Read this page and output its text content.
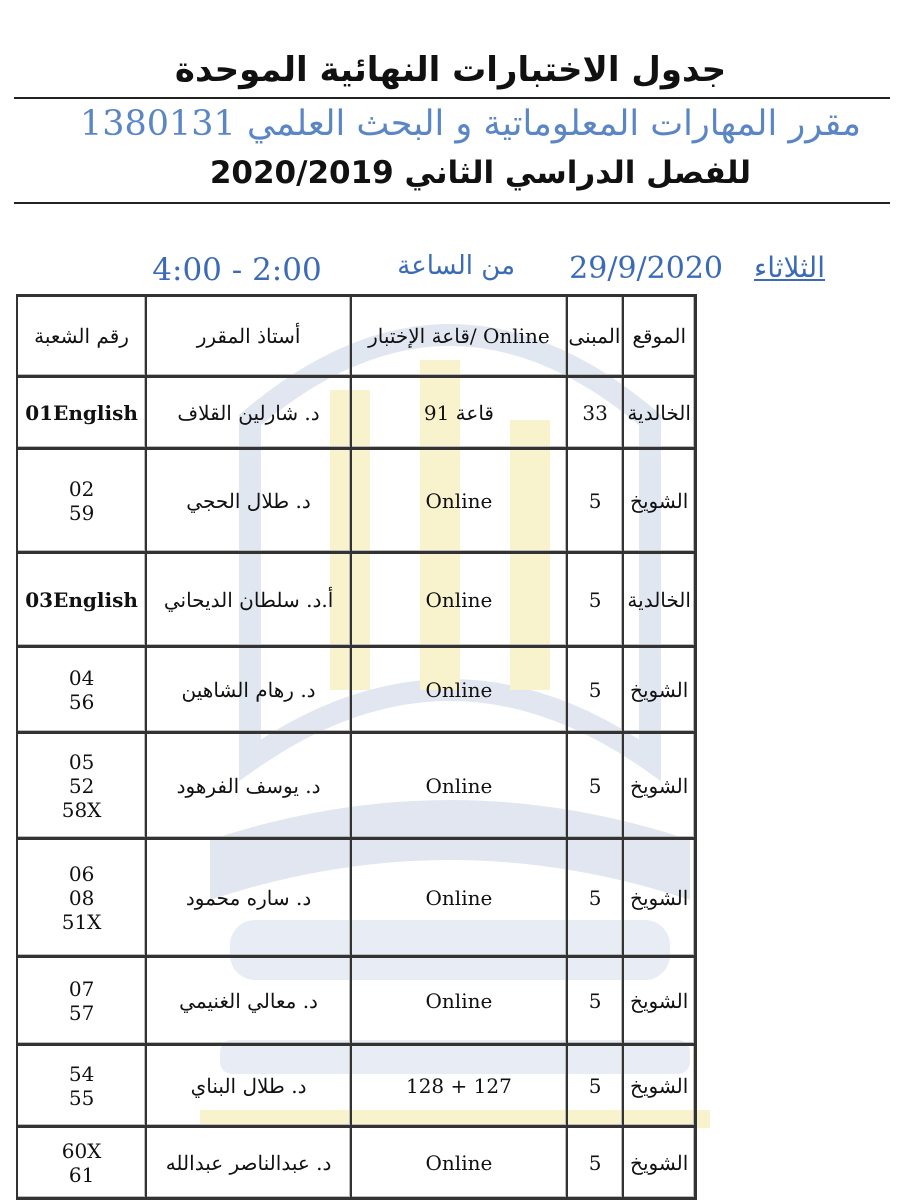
جدول الاختبارات النهائية الموحدة
مقرر المهارات المعلوماتية و البحث العلمي 1380131
للفصل الدراسي الثاني 2020/2019
الثلاثاء
29/9/2020
من الساعة
4:00 - 2:00
الموقع	المبنى	Online /قاعة الإختبار	أستاذ المقرر	رقم الشعبة
الخالدية	33	قاعة 91	د. شارلين القلاف	01English
الشويخ	5	Online	د. طلال الحجي	02
59
الخالدية	5	Online	أ.د. سلطان الديحاني	03English
الشويخ	5	Online	د. رهام الشاهين	04
56
الشويخ	5	Online	د. يوسف الفرهود	05
52
58X
الشويخ	5	Online	د. ساره محمود	06
08
51X
الشويخ	5	Online	د. معالي الغنيمي	07
57
الشويخ	5	127 + 128	د. طلال البناي	54
55
الشويخ	5	Online	د. عبدالناصر عبدالله	60X
61
